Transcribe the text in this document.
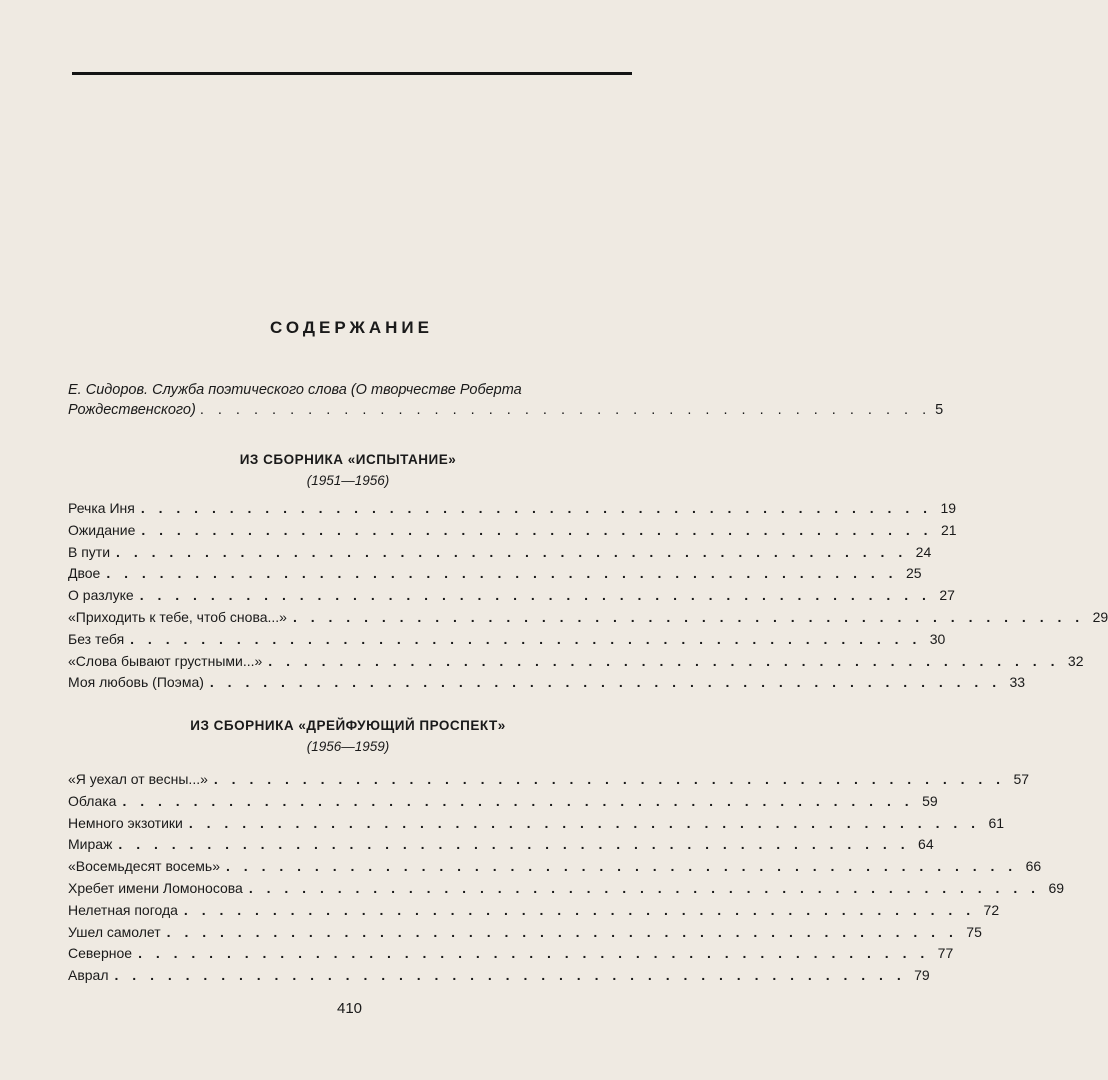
СОДЕРЖАНИЕ
Е. Сидоров. Служба поэтического слова (О творчестве Роберта
Рождественского) . . . . . . . . . . . . . . . . . . . . . . . . . . . . . . . . . . . . . . . . . 5
ИЗ СБОРНИКА «ИСПЫТАНИЕ»
(1951—1956)
Речка Иня . . . . . . . . . . . . . . . . . . . . . . . . . . . . . . . . . . . . . . . . . . . . . 19
Ожидание . . . . . . . . . . . . . . . . . . . . . . . . . . . . . . . . . . . . . . . . . . . . . 21
В пути . . . . . . . . . . . . . . . . . . . . . . . . . . . . . . . . . . . . . . . . . . . . . 24
Двое . . . . . . . . . . . . . . . . . . . . . . . . . . . . . . . . . . . . . . . . . . . . . 25
О разлуке . . . . . . . . . . . . . . . . . . . . . . . . . . . . . . . . . . . . . . . . . . . . . 27
«Приходить к тебе, чтоб снова...» . . . . . . . . . . . . . . . . . . . . . . . . . . . . . . . . . . . . . . . . . . . . . 29
Без тебя . . . . . . . . . . . . . . . . . . . . . . . . . . . . . . . . . . . . . . . . . . . . . 30
«Слова бывают грустными...» . . . . . . . . . . . . . . . . . . . . . . . . . . . . . . . . . . . . . . . . . . . . . 32
Моя любовь (Поэма) . . . . . . . . . . . . . . . . . . . . . . . . . . . . . . . . . . . . . . . . . . . . . 33
ИЗ СБОРНИКА «ДРЕЙФУЮЩИЙ ПРОСПЕКТ»
(1956—1959)
«Я уехал от весны...» . . . . . . . . . . . . . . . . . . . . . . . . . . . . . . . . . . . . . . . . . . . . . 57
Облака . . . . . . . . . . . . . . . . . . . . . . . . . . . . . . . . . . . . . . . . . . . . . 59
Немного экзотики . . . . . . . . . . . . . . . . . . . . . . . . . . . . . . . . . . . . . . . . . . . . . 61
Мираж . . . . . . . . . . . . . . . . . . . . . . . . . . . . . . . . . . . . . . . . . . . . . 64
«Восемьдесят восемь» . . . . . . . . . . . . . . . . . . . . . . . . . . . . . . . . . . . . . . . . . . . . . 66
Хребет имени Ломоносова . . . . . . . . . . . . . . . . . . . . . . . . . . . . . . . . . . . . . . . . . . . . . 69
Нелетная погода . . . . . . . . . . . . . . . . . . . . . . . . . . . . . . . . . . . . . . . . . . . . . 72
Ушел самолет . . . . . . . . . . . . . . . . . . . . . . . . . . . . . . . . . . . . . . . . . . . . . 75
Северное . . . . . . . . . . . . . . . . . . . . . . . . . . . . . . . . . . . . . . . . . . . . . 77
Аврал . . . . . . . . . . . . . . . . . . . . . . . . . . . . . . . . . . . . . . . . . . . . . 79
410
